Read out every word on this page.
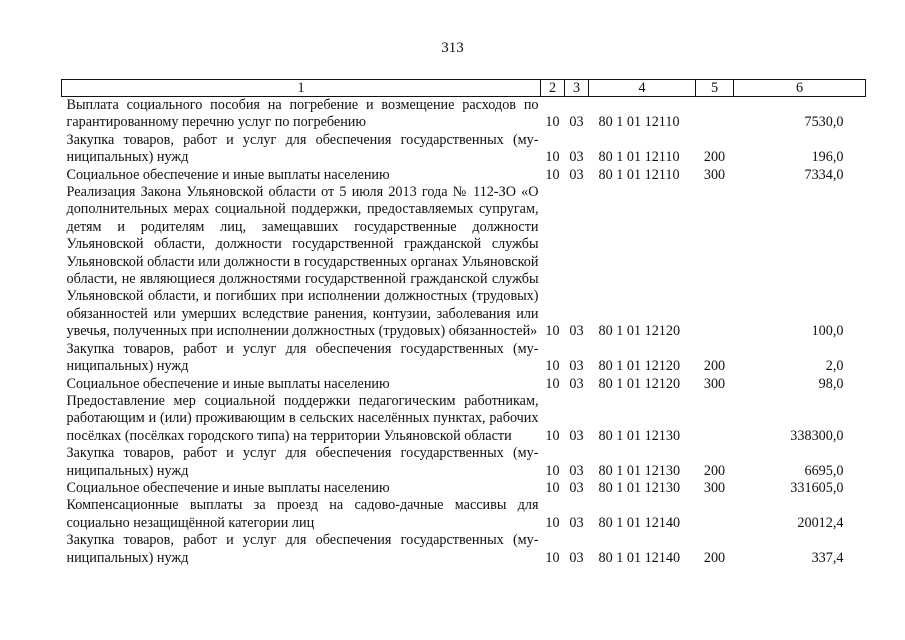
313
1	2	3	4	5	6
Выплата социального пособия на погребение и возмещение расходов по гарантированному перечню услуг по погребению	10	03	80 1 01 12110		7530,0
Закупка товаров, работ и услуг для обеспечения государственных (муниципальных) нужд	10	03	80 1 01 12110	200	196,0
Социальное обеспечение и иные выплаты населению	10	03	80 1 01 12110	300	7334,0
Реализация Закона Ульяновской области от 5 июля 2013 года № 112-ЗО «О дополнительных мерах социальной поддержки, предоставляемых супругам, детям и родителям лиц, замещавших государственные должности Ульяновской области, должности государственной гражданской службы Ульяновской области или должности в государственных органах Ульяновской области, не являющиеся должностями государственной гражданской службы Ульяновской области, и погибших при исполнении должностных (трудовых) обязанностей или умерших вследствие ранения, контузии, заболевания или увечья, полученных при исполнении должностных (трудовых) обязанностей»	10	03	80 1 01 12120		100,0
Закупка товаров, работ и услуг для обеспечения государственных (муниципальных) нужд	10	03	80 1 01 12120	200	2,0
Социальное обеспечение и иные выплаты населению	10	03	80 1 01 12120	300	98,0
Предоставление мер социальной поддержки педагогическим работникам, работающим и (или) проживающим в сельских населённых пунктах, рабочих посёлках (посёлках городского типа) на территории Ульяновской области	10	03	80 1 01 12130		338300,0
Закупка товаров, работ и услуг для обеспечения государственных (муниципальных) нужд	10	03	80 1 01 12130	200	6695,0
Социальное обеспечение и иные выплаты населению	10	03	80 1 01 12130	300	331605,0
Компенсационные выплаты за проезд на садово-дачные массивы для социально незащищённой категории лиц	10	03	80 1 01 12140		20012,4
Закупка товаров, работ и услуг для обеспечения государственных (муниципальных) нужд	10	03	80 1 01 12140	200	337,4
